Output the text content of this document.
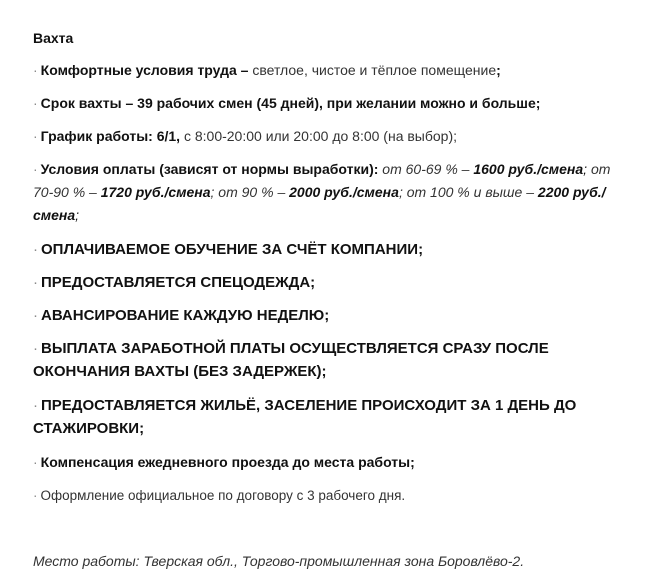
Вахта
· Комфортные условия труда – светлое, чистое и тёплое помещение;
· Срок вахты – 39 рабочих смен (45 дней), при желании можно и больше;
· График работы: 6/1, с 8:00-20:00 или 20:00 до 8:00 (на выбор);
· Условия оплаты (зависят от нормы выработки): от 60-69 % – 1600 руб./смена; от 70-90 % – 1720 руб./смена; от 90 % – 2000 руб./смена; от 100 % и выше – 2200 руб./смена;
· ОПЛАЧИВАЕМОЕ ОБУЧЕНИЕ ЗА СЧЁТ КОМПАНИИ;
· ПРЕДОСТАВЛЯЕТСЯ СПЕЦОДЕЖДА;
· АВАНСИРОВАНИЕ КАЖДУЮ НЕДЕЛЮ;
· ВЫПЛАТА ЗАРАБОТНОЙ ПЛАТЫ ОСУЩЕСТВЛЯЕТСЯ СРАЗУ ПОСЛЕ ОКОНЧАНИЯ ВАХТЫ (БЕЗ ЗАДЕРЖЕК);
· ПРЕДОСТАВЛЯЕТСЯ ЖИЛЬЁ, ЗАСЕЛЕНИЕ ПРОИСХОДИТ ЗА 1 ДЕНЬ ДО СТАЖИРОВКИ;
· Компенсация ежедневного проезда до места работы;
· Оформление официальное по договору с 3 рабочего дня.
Место работы: Тверская обл., Торгово-промышленная зона Боровлёво-2.
